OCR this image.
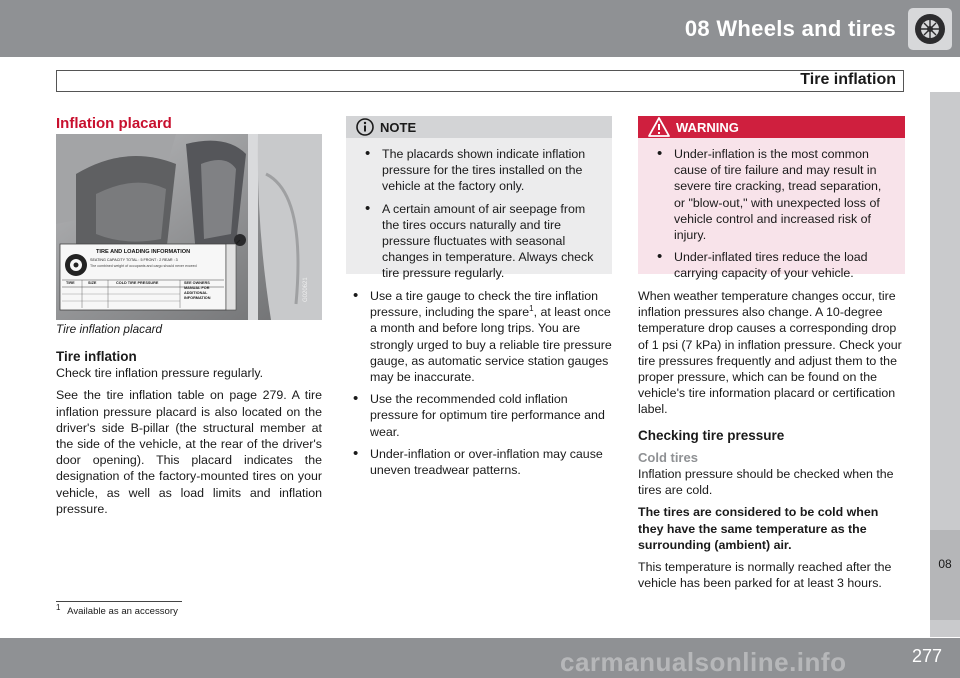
08 Wheels and tires
Tire inflation
08
Inflation placard
TIRE AND LOADING INFORMATION
SEATING CAPACITY TOTAL : 5 FRONT : 2 REAR : 3
The combined weight of occupants and cargo should never exceed
TIRE	SIZE	COLD TIRE PRESSURE	SEE OWNERS MANUAL FOR ADDITIONAL INFORMATION	G020621
Tire inflation placard
Tire inflation

Check tire inflation pressure regularly.

See the tire inflation table on page 279. A tire inflation pressure placard is also located on the driver's side B-pillar (the structural member at the side of the vehicle, at the rear of the driver's door opening). This placard indicates the designation of the factory-mounted tires on your vehicle, as well as load limits and inflation pressure.

NOTE
• The placards shown indicate inflation pressure for the tires installed on the vehicle at the factory only.
• A certain amount of air seepage from the tires occurs naturally and tire pressure fluctuates with seasonal changes in temperature. Always check tire pressure regularly.
• Use a tire gauge to check the tire inflation pressure, including the spare$^1$, at least once a month and before long trips. You are strongly urged to buy a reliable tire pressure gauge, as automatic service station gauges may be inaccurate.
• Use the recommended cold inflation pressure for optimum tire performance and wear.
• Under-inflation or over-inflation may cause uneven treadwear patterns.
WARNING
• Under-inflation is the most common cause of tire failure and may result in severe tire cracking, tread separation, or "blow-out," with unexpected loss of vehicle control and increased risk of injury.
• Under-inflated tires reduce the load carrying capacity of your vehicle.

When weather temperature changes occur, tire inflation pressures also change. A 10-degree temperature drop causes a corresponding drop of 1 psi (7 kPa) in inflation pressure. Check your tire pressures frequently and adjust them to the proper pressure, which can be found on the vehicle's tire information placard or certification label.

Checking tire pressure
Cold tires

Inflation pressure should be checked when the tires are cold.

The tires are considered to be cold when they have the same temperature as the surrounding (ambient) air.

This temperature is normally reached after the vehicle has been parked for at least 3 hours.

$^1$ Available as an accessory
carmanualsonline.info	277
